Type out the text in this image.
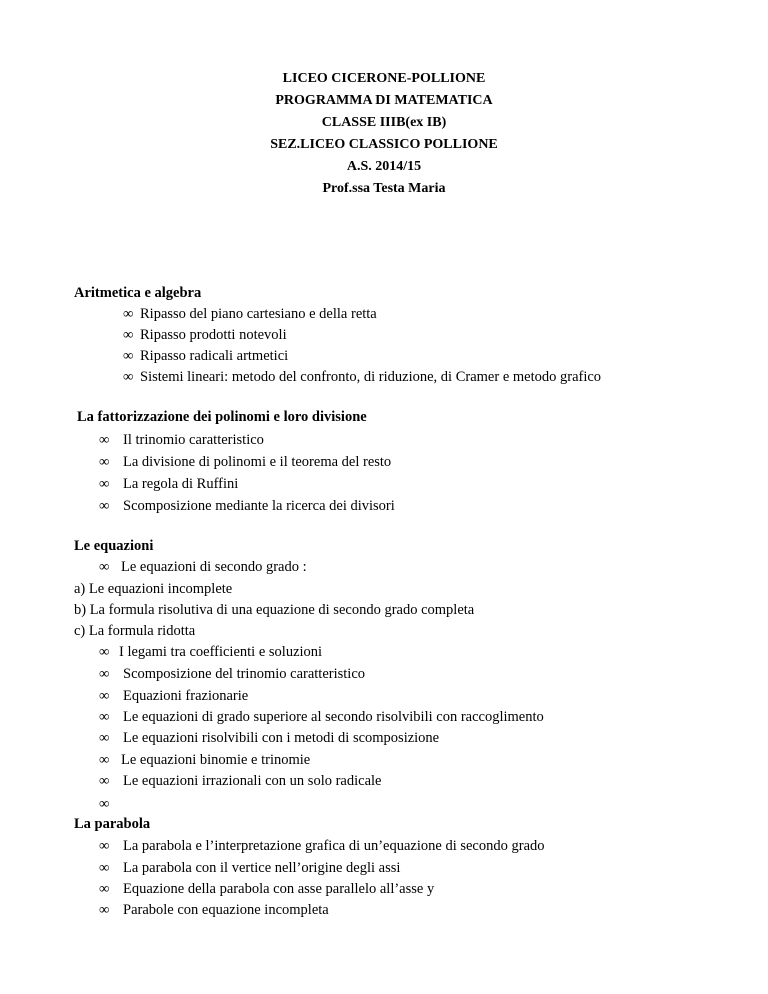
LICEO CICERONE-POLLIONE
PROGRAMMA DI MATEMATICA
CLASSE IIIB(ex IB)
SEZ.LICEO CLASSICO POLLIONE
A.S. 2014/15
Prof.ssa Testa Maria
Aritmetica e algebra
∞ Ripasso del piano cartesiano e della retta
∞ Ripasso prodotti notevoli
∞ Ripasso radicali artmetici
∞ Sistemi lineari: metodo del confronto, di riduzione, di Cramer e metodo grafico
La fattorizzazione dei polinomi e loro divisione
∞ Il trinomio caratteristico
∞ La divisione di polinomi e il teorema del resto
∞ La regola di Ruffini
∞ Scomposizione mediante la ricerca dei divisori
Le equazioni
∞ Le equazioni di secondo grado :
a) Le equazioni incomplete
b) La formula risolutiva di una equazione di secondo grado completa
c) La formula ridotta
∞ I legami tra coefficienti e soluzioni
∞ Scomposizione del trinomio caratteristico
∞ Equazioni frazionarie
∞ Le equazioni di grado superiore al secondo risolvibili con raccoglimento
∞ Le equazioni risolvibili con i metodi di scomposizione
∞ Le equazioni binomie e trinomie
∞ Le equazioni irrazionali con un solo radicale
∞
La parabola
∞ La parabola e l’interpretazione grafica di un’equazione di secondo grado
∞ La parabola con il vertice nell’origine degli assi
∞ Equazione della parabola con asse parallelo all’asse y
∞ Parabole con equazione incompleta
